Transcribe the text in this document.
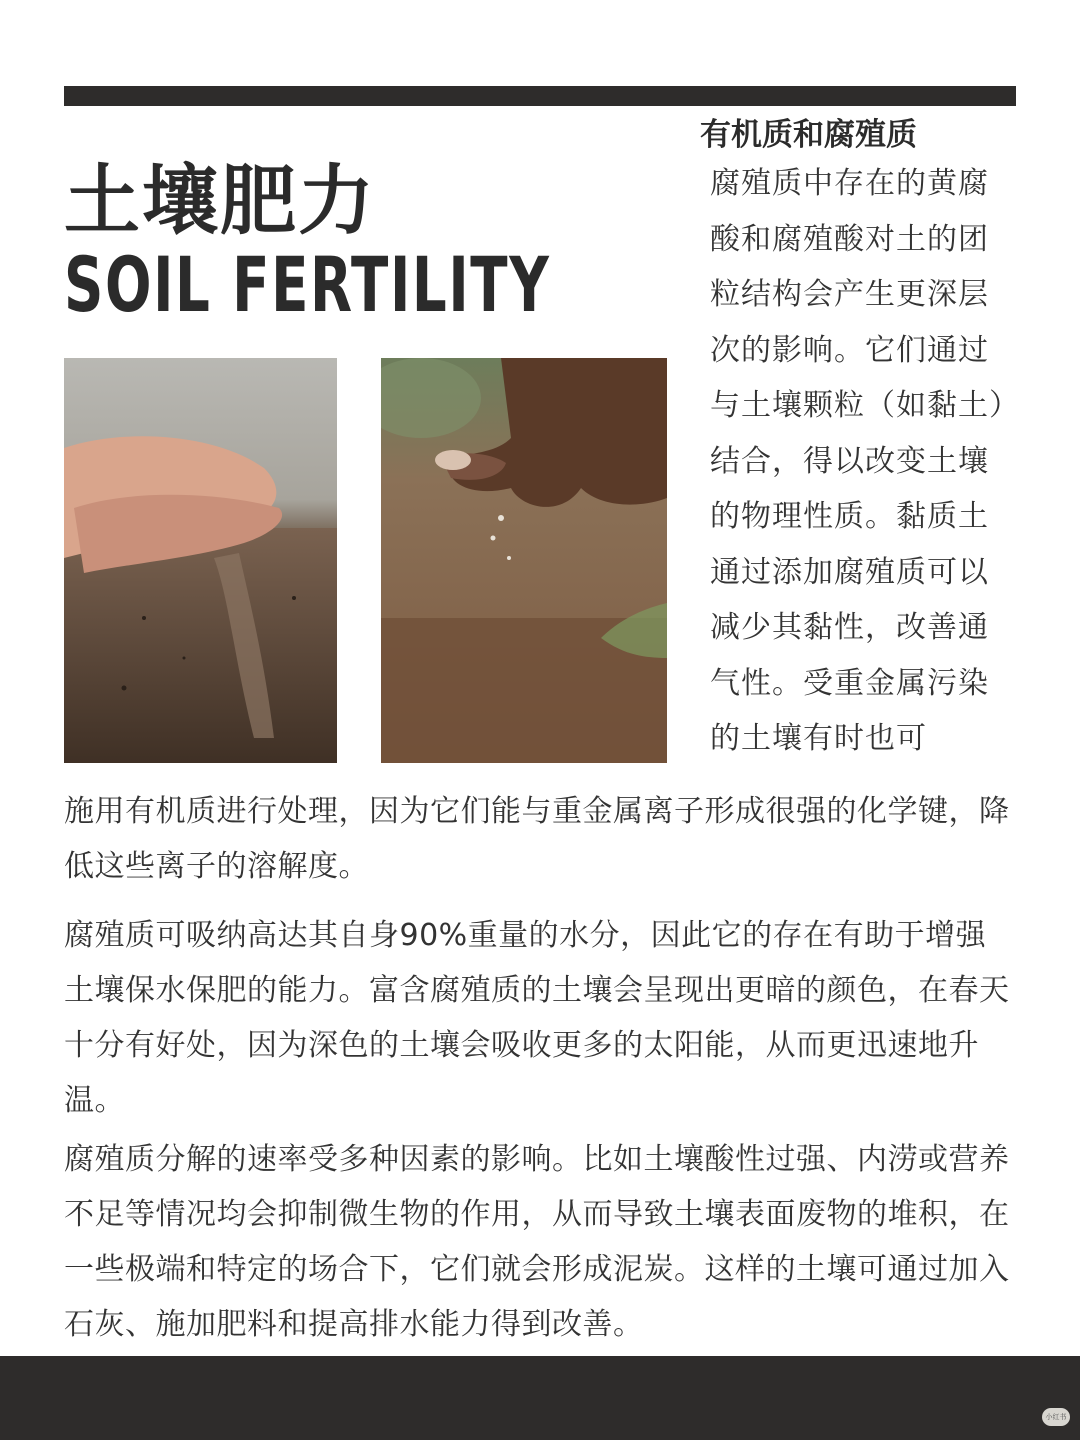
土壤肥力
SOIL FERTILITY
有机质和腐殖质

腐殖质中存在的黄腐酸和腐殖酸对土的团粒结构会产生更深层次的影响。它们通过与土壤颗粒（如黏土）结合，得以改变土壤的物理性质。黏质土通过添加腐殖质可以减少其黏性，改善通气性。受重金属污染的土壤有时也可

施用有机质进行处理，因为它们能与重金属离子形成很强的化学键，降低这些离子的溶解度。

腐殖质可吸纳高达其自身90%重量的水分，因此它的存在有助于增强土壤保水保肥的能力。富含腐殖质的土壤会呈现出更暗的颜色，在春天十分有好处，因为深色的土壤会吸收更多的太阳能，从而更迅速地升温。

腐殖质分解的速率受多种因素的影响。比如土壤酸性过强、内涝或营养不足等情况均会抑制微生物的作用，从而导致土壤表面废物的堆积，在一些极端和特定的场合下，它们就会形成泥炭。这样的土壤可通过加入石灰、施加肥料和提高排水能力得到改善。

小红书
